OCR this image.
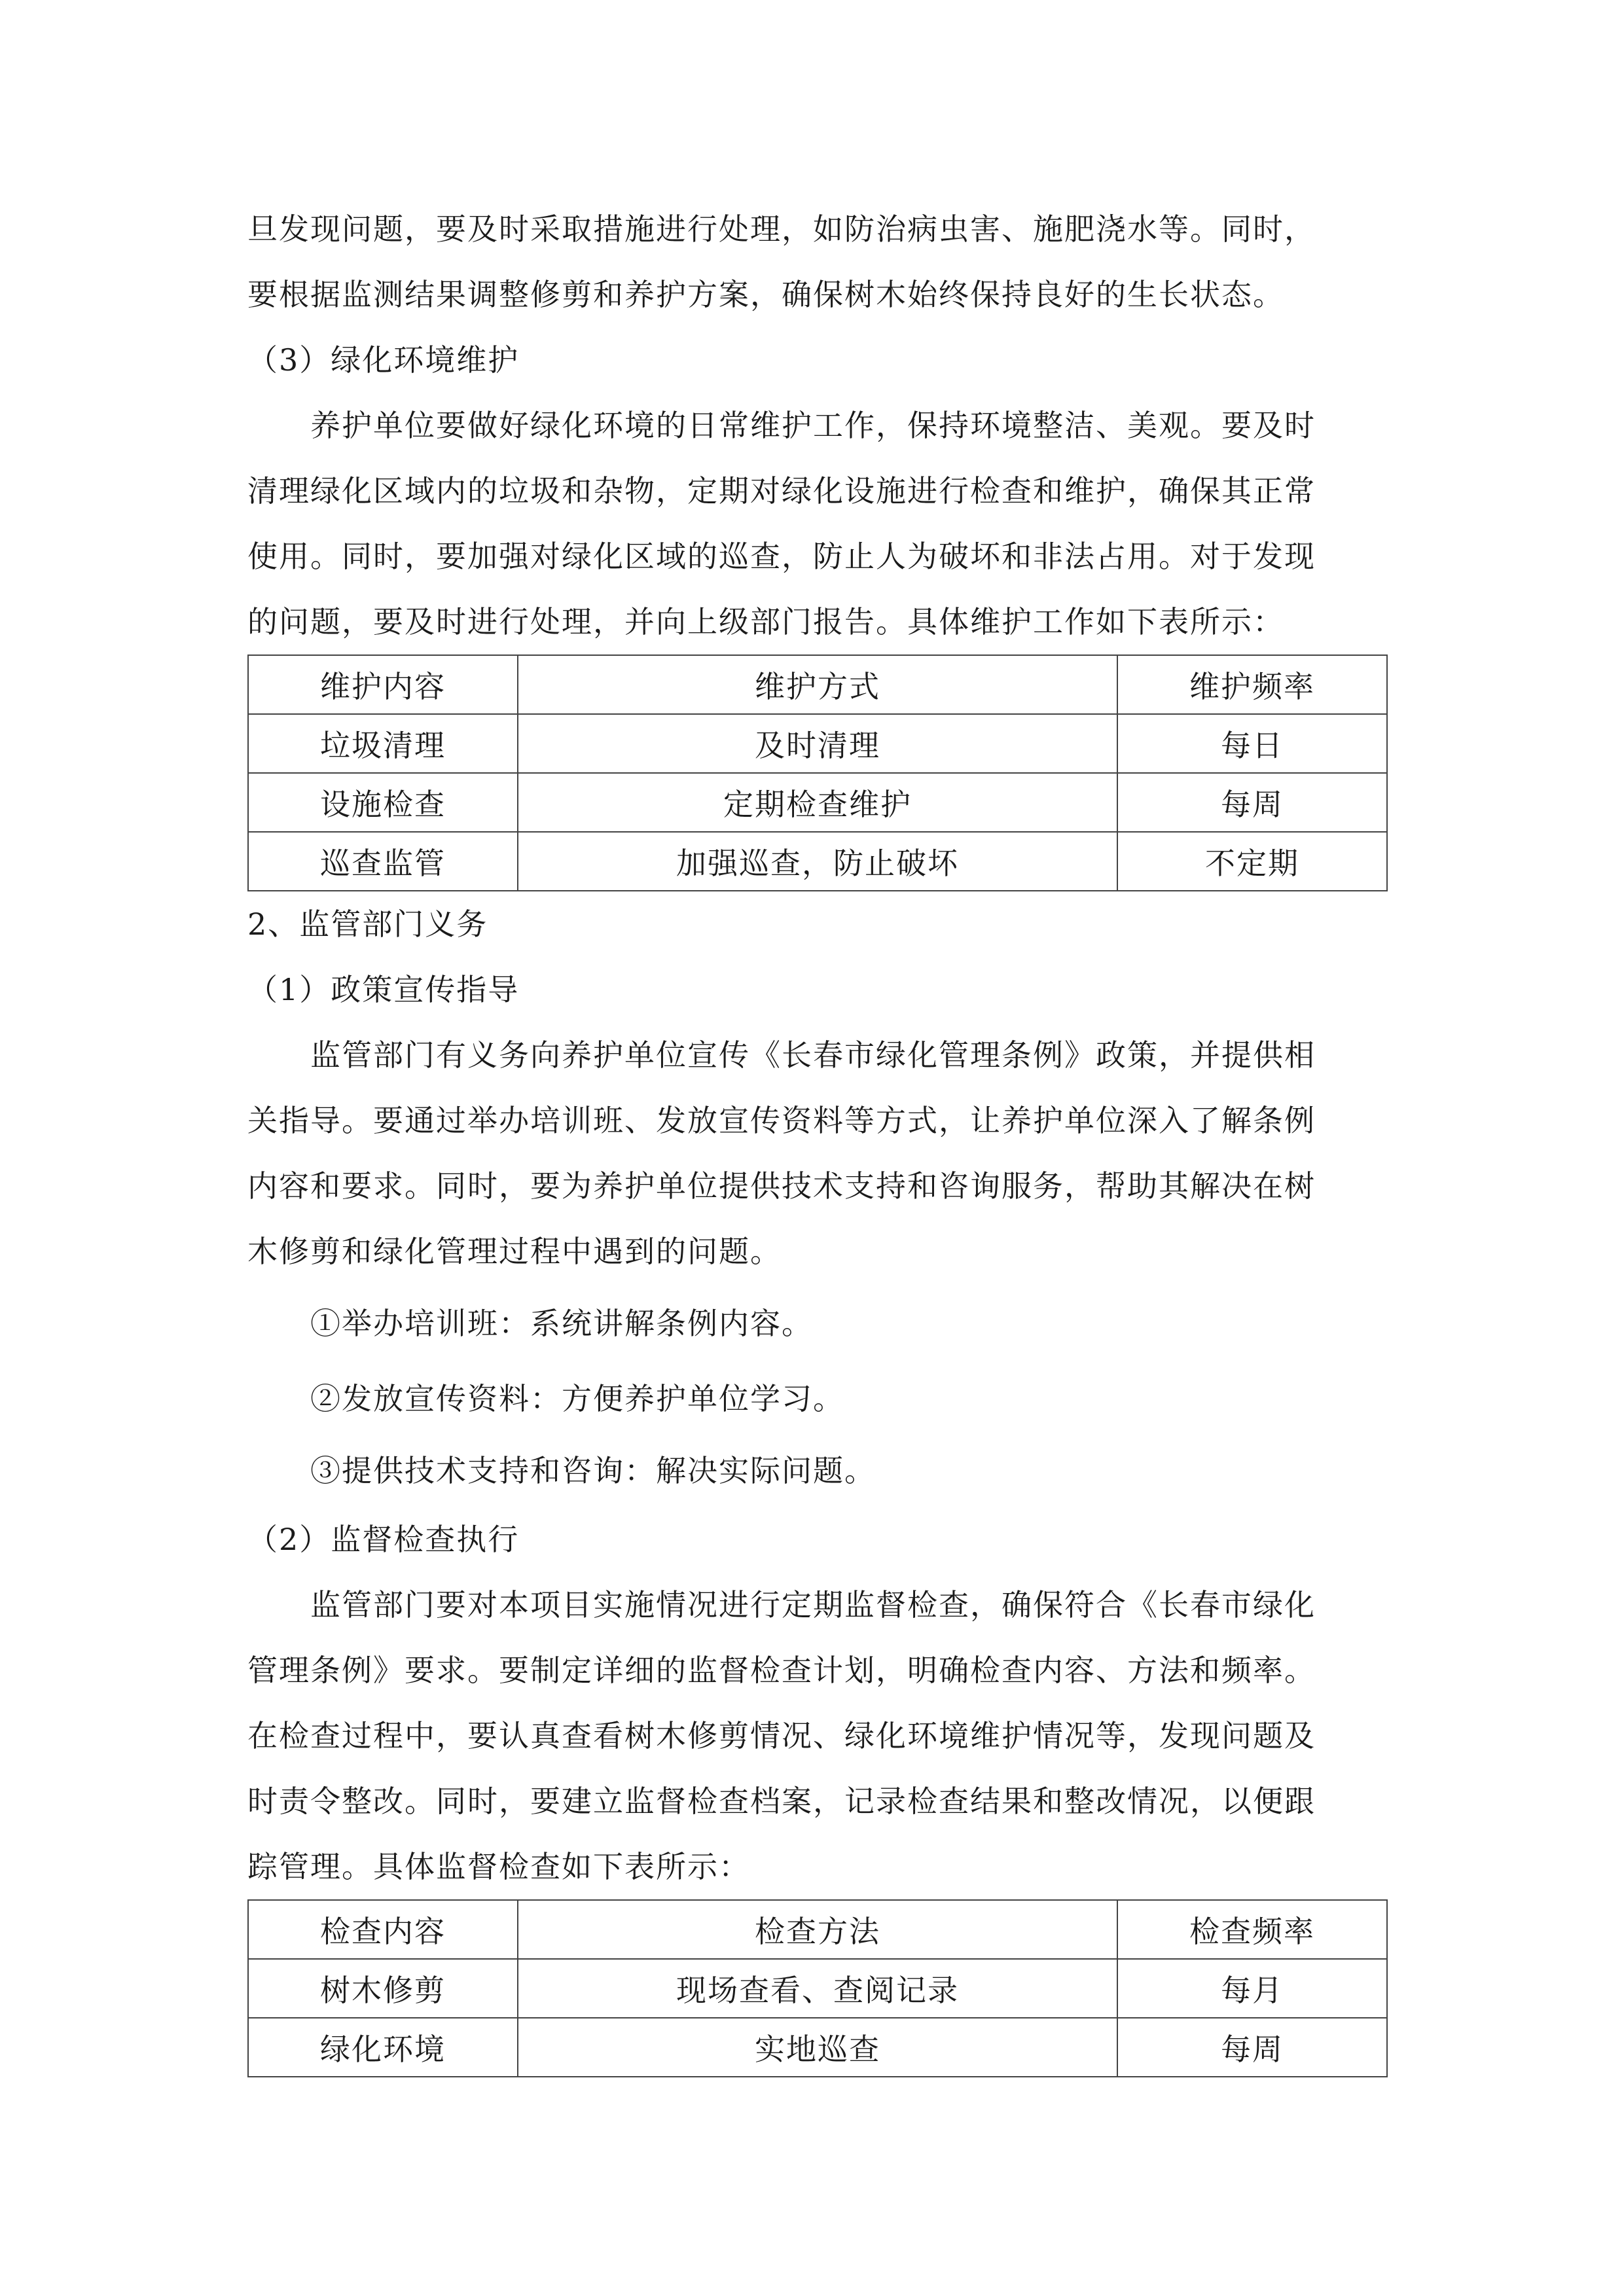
旦发现问题，要及时采取措施进行处理，如防治病虫害、施肥浇水等。同时，
要根据监测结果调整修剪和养护方案，确保树木始终保持良好的生长状态。
（3）绿化环境维护
养护单位要做好绿化环境的日常维护工作，保持环境整洁、美观。要及时
清理绿化区域内的垃圾和杂物，定期对绿化设施进行检查和维护，确保其正常
使用。同时，要加强对绿化区域的巡查，防止人为破坏和非法占用。对于发现
的问题，要及时进行处理，并向上级部门报告。具体维护工作如下表所示：
维护内容	维护方式	维护频率
垃圾清理	及时清理	每日
设施检查	定期检查维护	每周
巡查监管	加强巡查，防止破坏	不定期
2、监管部门义务
（1）政策宣传指导
监管部门有义务向养护单位宣传《长春市绿化管理条例》政策，并提供相
关指导。要通过举办培训班、发放宣传资料等方式，让养护单位深入了解条例
内容和要求。同时，要为养护单位提供技术支持和咨询服务，帮助其解决在树
木修剪和绿化管理过程中遇到的问题。
①举办培训班：系统讲解条例内容。
②发放宣传资料：方便养护单位学习。
③提供技术支持和咨询：解决实际问题。
（2）监督检查执行
监管部门要对本项目实施情况进行定期监督检查，确保符合《长春市绿化
管理条例》要求。要制定详细的监督检查计划，明确检查内容、方法和频率。
在检查过程中，要认真查看树木修剪情况、绿化环境维护情况等，发现问题及
时责令整改。同时，要建立监督检查档案，记录检查结果和整改情况，以便跟
踪管理。具体监督检查如下表所示：
检查内容	检查方法	检查频率
树木修剪	现场查看、查阅记录	每月
绿化环境	实地巡查	每周
